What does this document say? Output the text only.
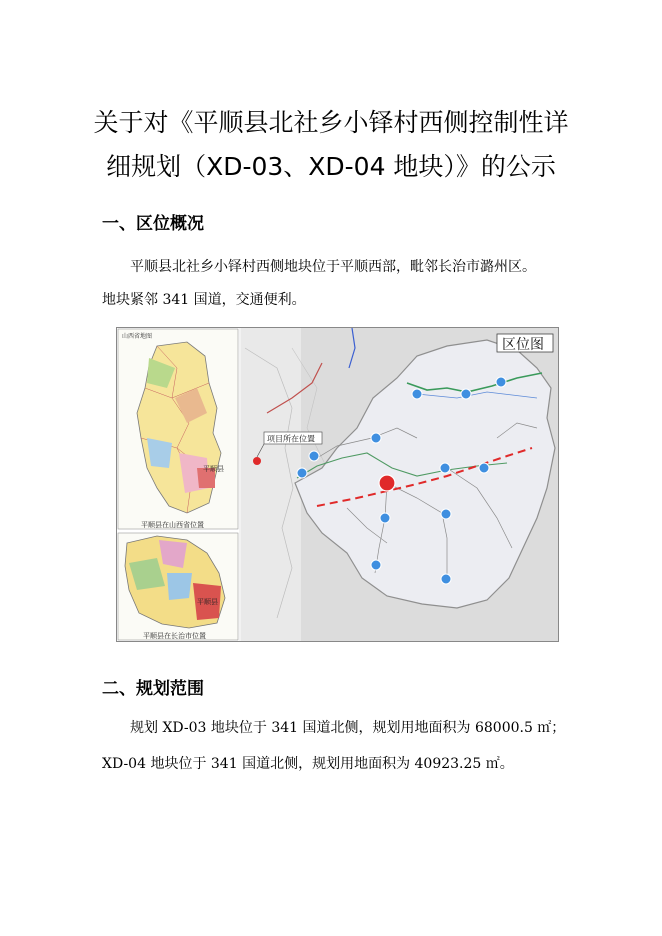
关于对《平顺县北社乡小铎村西侧控制性详
细规划（XD-03、XD-04 地块）》的公示
一、区位概况
平顺县北社乡小铎村西侧地块位于平顺西部，毗邻长治市潞州区。
地块紧邻 341 国道，交通便利。
山西省地图
平顺县
平顺县在山西省位置
平顺县
平顺县在长治市位置
项目所在位置
区位图
二、规划范围
规划 XD-03 地块位于 341 国道北侧，规划用地面积为 68000.5 ㎡；
XD-04 地块位于 341 国道北侧，规划用地面积为 40923.25 ㎡。
